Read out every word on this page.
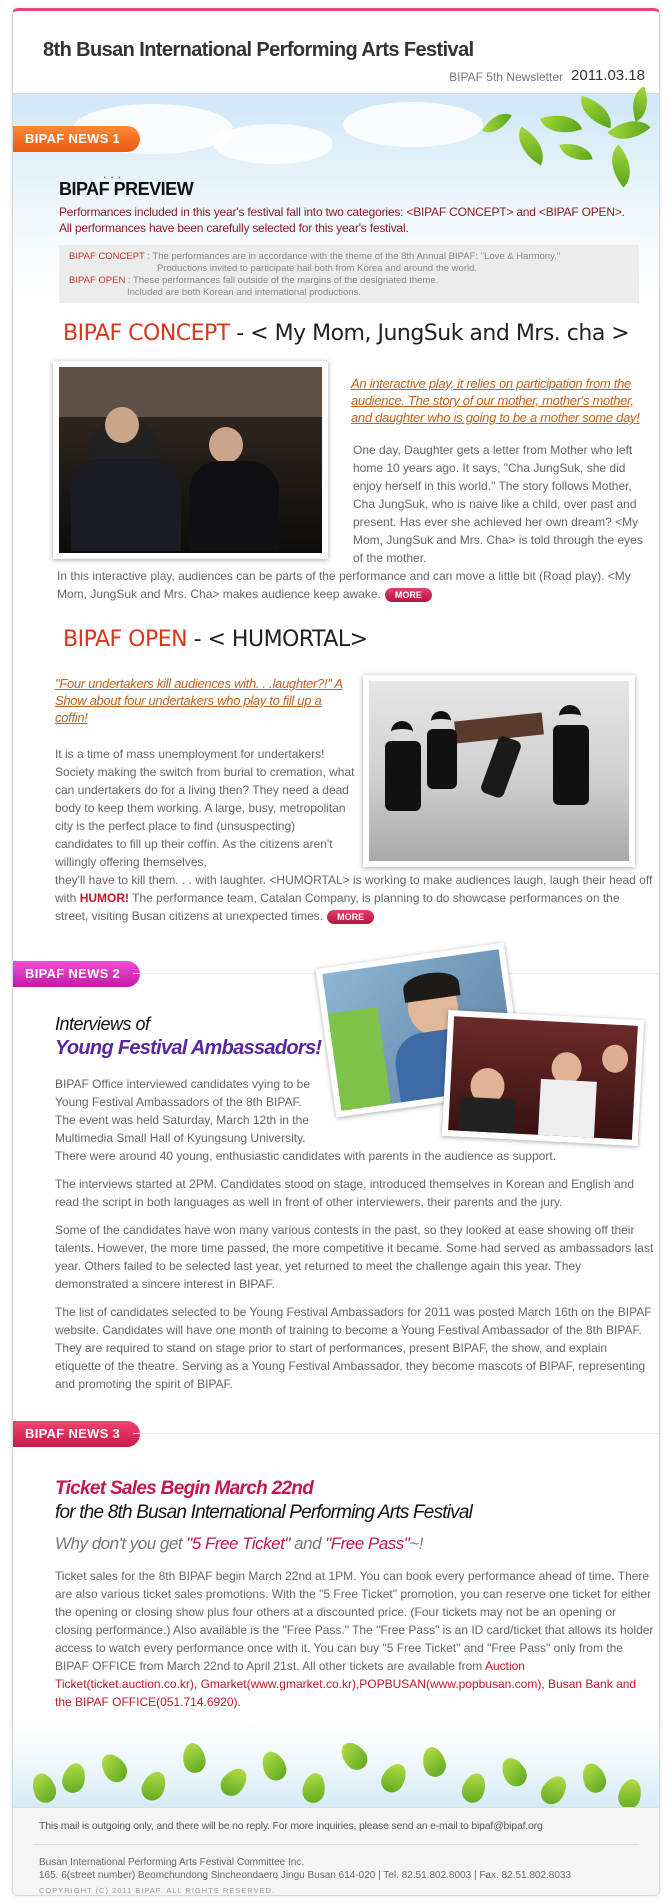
8th Busan International Performing Arts Festival
BIPAF 5th Newsletter 2011.03.18
BIPAF NEWS 1
...
BIPAF PREVIEW
Performances included in this year's festival fall into two categories: <BIPAF CONCEPT> and <BIPAF OPEN>.
All performances have been carefully selected for this year's festival.
BIPAF CONCEPT : The performances are in accordance with the theme of the 8th Annual BIPAF: "Love & Harmony."
Productions invited to participate hail both from Korea and around the world.
BIPAF OPEN : These performances fall outside of the margins of the designated theme.
Included are both Korean and international productions.
BIPAF CONCEPT - < My Mom, JungSuk and Mrs. cha >
An interactive play, it relies on participation from the audience. The story of our mother, mother's mother, and daughter who is going to be a mother some day!
One day, Daughter gets a letter from Mother who left home 10 years ago. It says, "Cha JungSuk, she did enjoy herself in this world." The story follows Mother, Cha JungSuk, who is naive like a child, over past and present. Has ever she achieved her own dream? <My Mom, JungSuk and Mrs. Cha> is told through the eyes of the mother.
In this interactive play, audiences can be parts of the performance and can move a little bit (Road play). <My Mom, JungSuk and Mrs. Cha> makes audience keep awake. MORE
BIPAF OPEN - < HUMORTAL>
"Four undertakers kill audiences with. . .laughter?!" A Show about four undertakers who play to fill up a coffin!
It is a time of mass unemployment for undertakers! Society making the switch from burial to cremation, what can undertakers do for a living then? They need a dead body to keep them working. A large, busy, metropolitan city is the perfect place to find (unsuspecting) candidates to fill up their coffin. As the citizens aren't willingly offering themselves,
they'll have to kill them. . . with laughter. <HUMORTAL> is working to make audiences laugh, laugh their head off with HUMOR! The performance team, Catalan Company, is planning to do showcase performances on the street, visiting Busan citizens at unexpected times. MORE
BIPAF NEWS 2
Interviews of
Young Festival Ambassadors!
BIPAF Office interviewed candidates vying to be Young Festival Ambassadors of the 8th BIPAF. The event was held Saturday, March 12th in the Multimedia Small Hall of Kyungsung University.
There were around 40 young, enthusiastic candidates with parents in the audience as support.
The interviews started at 2PM. Candidates stood on stage, introduced themselves in Korean and English and read the script in both languages as well in front of other interviewers, their parents and the jury.
Some of the candidates have won many various contests in the past, so they looked at ease showing off their talents. However, the more time passed, the more competitive it became. Some had served as ambassadors last year. Others failed to be selected last year, yet returned to meet the challenge again this year. They demonstrated a sincere interest in BIPAF.
The list of candidates selected to be Young Festival Ambassadors for 2011 was posted March 16th on the BIPAF website. Candidates will have one month of training to become a Young Festival Ambassador of the 8th BIPAF. They are required to stand on stage prior to start of performances, present BIPAF, the show, and explain etiquette of the theatre. Serving as a Young Festival Ambassador, they become mascots of BIPAF, representing and promoting the spirit of BIPAF.
BIPAF NEWS 3
Ticket Sales Begin March 22nd
for the 8th Busan International Performing Arts Festival
Why don't you get "5 Free Ticket" and "Free Pass"~!
Ticket sales for the 8th BIPAF begin March 22nd at 1PM. You can book every performance ahead of time. There are also various ticket sales promotions. With the "5 Free Ticket" promotion, you can reserve one ticket for either the opening or closing show plus four others at a discounted price. (Four tickets may not be an opening or closing performance.) Also available is the "Free Pass." The "Free Pass" is an ID card/ticket that allows its holder access to watch every performance once with it. You can buy "5 Free Ticket" and "Free Pass" only from the BIPAF OFFICE from March 22nd to April 21st. All other tickets are available from Auction Ticket(ticket.auction.co.kr), Gmarket(www.gmarket.co.kr),POPBUSAN(www.popbusan.com), Busan Bank and the BIPAF OFFICE(051.714.6920).
This mail is outgoing only, and there will be no reply. For more inquiries, please send an e-mail to bipaf@bipaf.org
Busan International Performing Arts Festival Committee Inc.
165. 6(street number) Beomchundong Sincheondaero Jingu Busan 614-020 | Tel. 82.51.802.8003 | Fax. 82.51.802.8033
COPYRIGHT (C) 2011 BIPAF. ALL RIGHTS RESERVED.
